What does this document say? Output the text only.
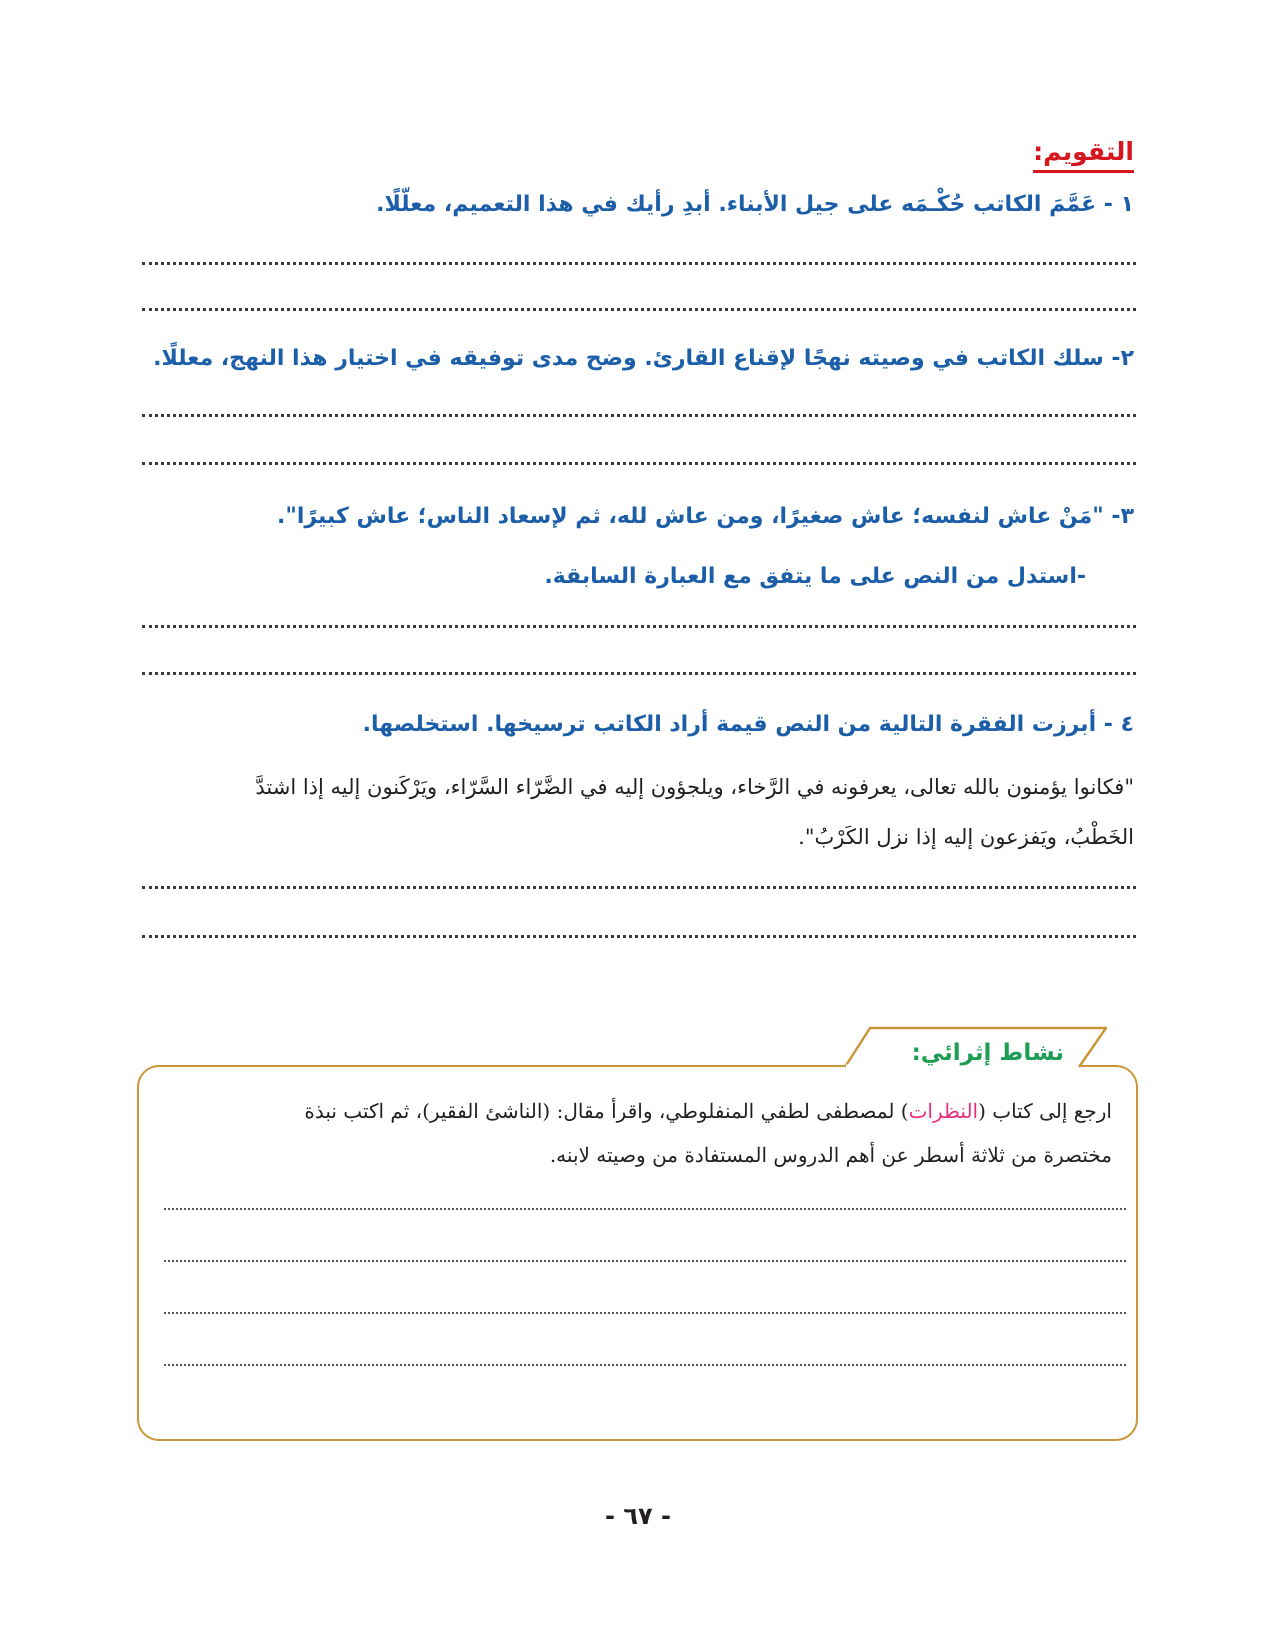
التقويم:
١ - عَمَّمَ الكاتب حُكْـمَه على جيل الأبناء. أبدِ رأيك في هذا التعميم، معلّلًا.
٢- سلك الكاتب في وصيته نهجًا لإقناع القارئ. وضح مدى توفيقه في اختيار هذا النهج، معللًا.
٣- "مَنْ عاش لنفسه؛ عاش صغيرًا، ومن عاش لله، ثم لإسعاد الناس؛ عاش كبيرًا".
-استدل من النص على ما يتفق مع العبارة السابقة.
٤ - أبرزت الفقرة التالية من النص قيمة أراد الكاتب ترسيخها. استخلصها.
"فكانوا يؤمنون بالله تعالى، يعرفونه في الرَّخاء، ويلجؤون إليه في الضَّرّاء السَّرّاء، ويَرْكَنون إليه إذا اشتدَّ
الخَطْبُ، ويَفزعون إليه إذا نزل الكَرْبُ".
نشاط إثرائي:
ارجع إلى كتاب (النظرات) لمصطفى لطفي المنفلوطي، واقرأ مقال: (الناشئ الفقير)، ثم اكتب نبذة
مختصرة من ثلاثة أسطر عن أهم الدروس المستفادة من وصيته لابنه.
- ٦٧ -
